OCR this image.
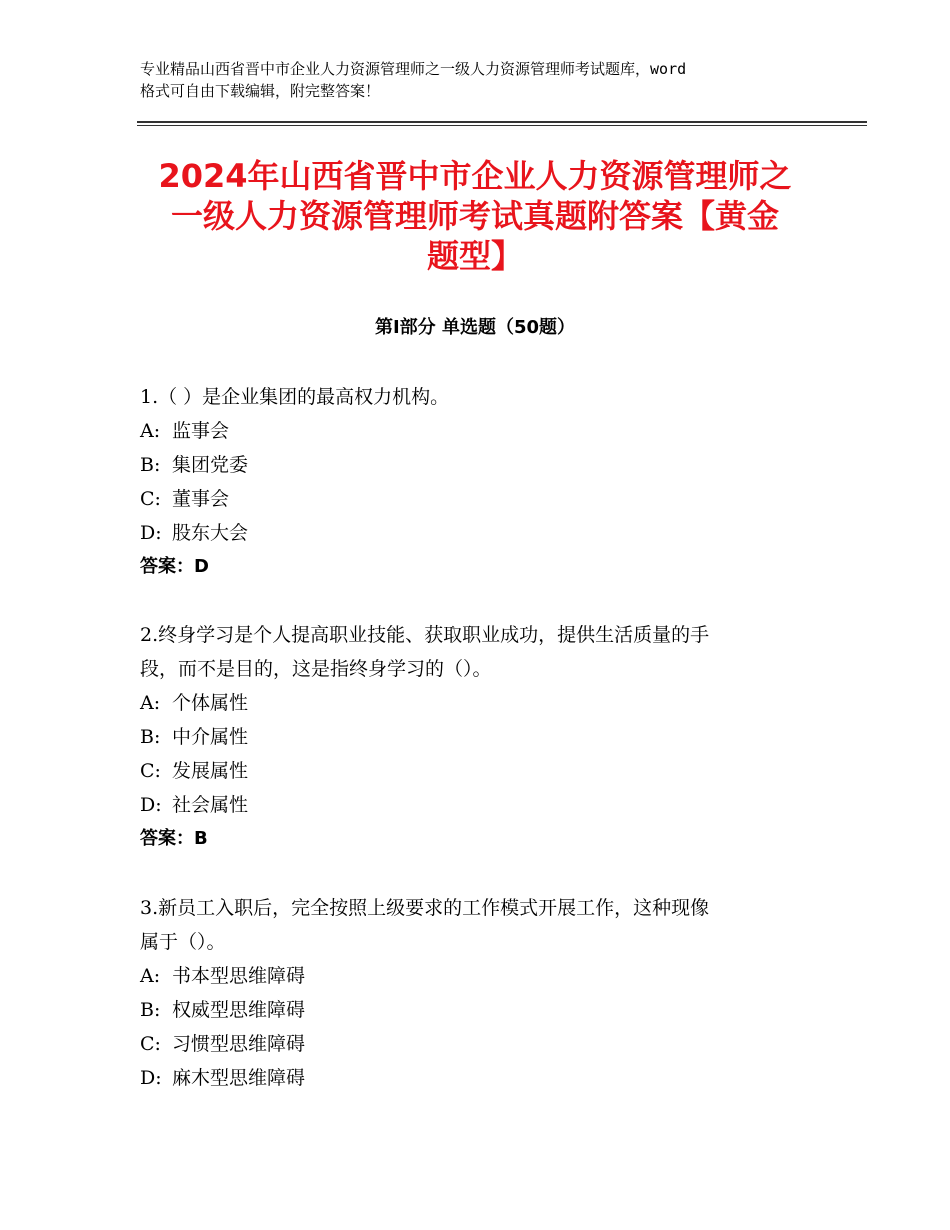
专业精品山西省晋中市企业人力资源管理师之一级人力资源管理师考试题库，word
格式可自由下载编辑，附完整答案！
2024年山西省晋中市企业人力资源管理师之
一级人力资源管理师考试真题附答案【黄金
题型】
第Ⅰ部分 单选题（50题）

1.（ ）是企业集团的最高权力机构。

A: 监事会

B: 集团党委

C: 董事会

D: 股东大会

答案：D

2.终身学习是个人提高职业技能、获取职业成功，提供生活质量的手

段，而不是目的，这是指终身学习的（）。

A: 个体属性

B: 中介属性

C: 发展属性

D: 社会属性

答案：B

3.新员工入职后，完全按照上级要求的工作模式开展工作，这种现像

属于（）。

A: 书本型思维障碍

B: 权威型思维障碍

C: 习惯型思维障碍

D: 麻木型思维障碍
